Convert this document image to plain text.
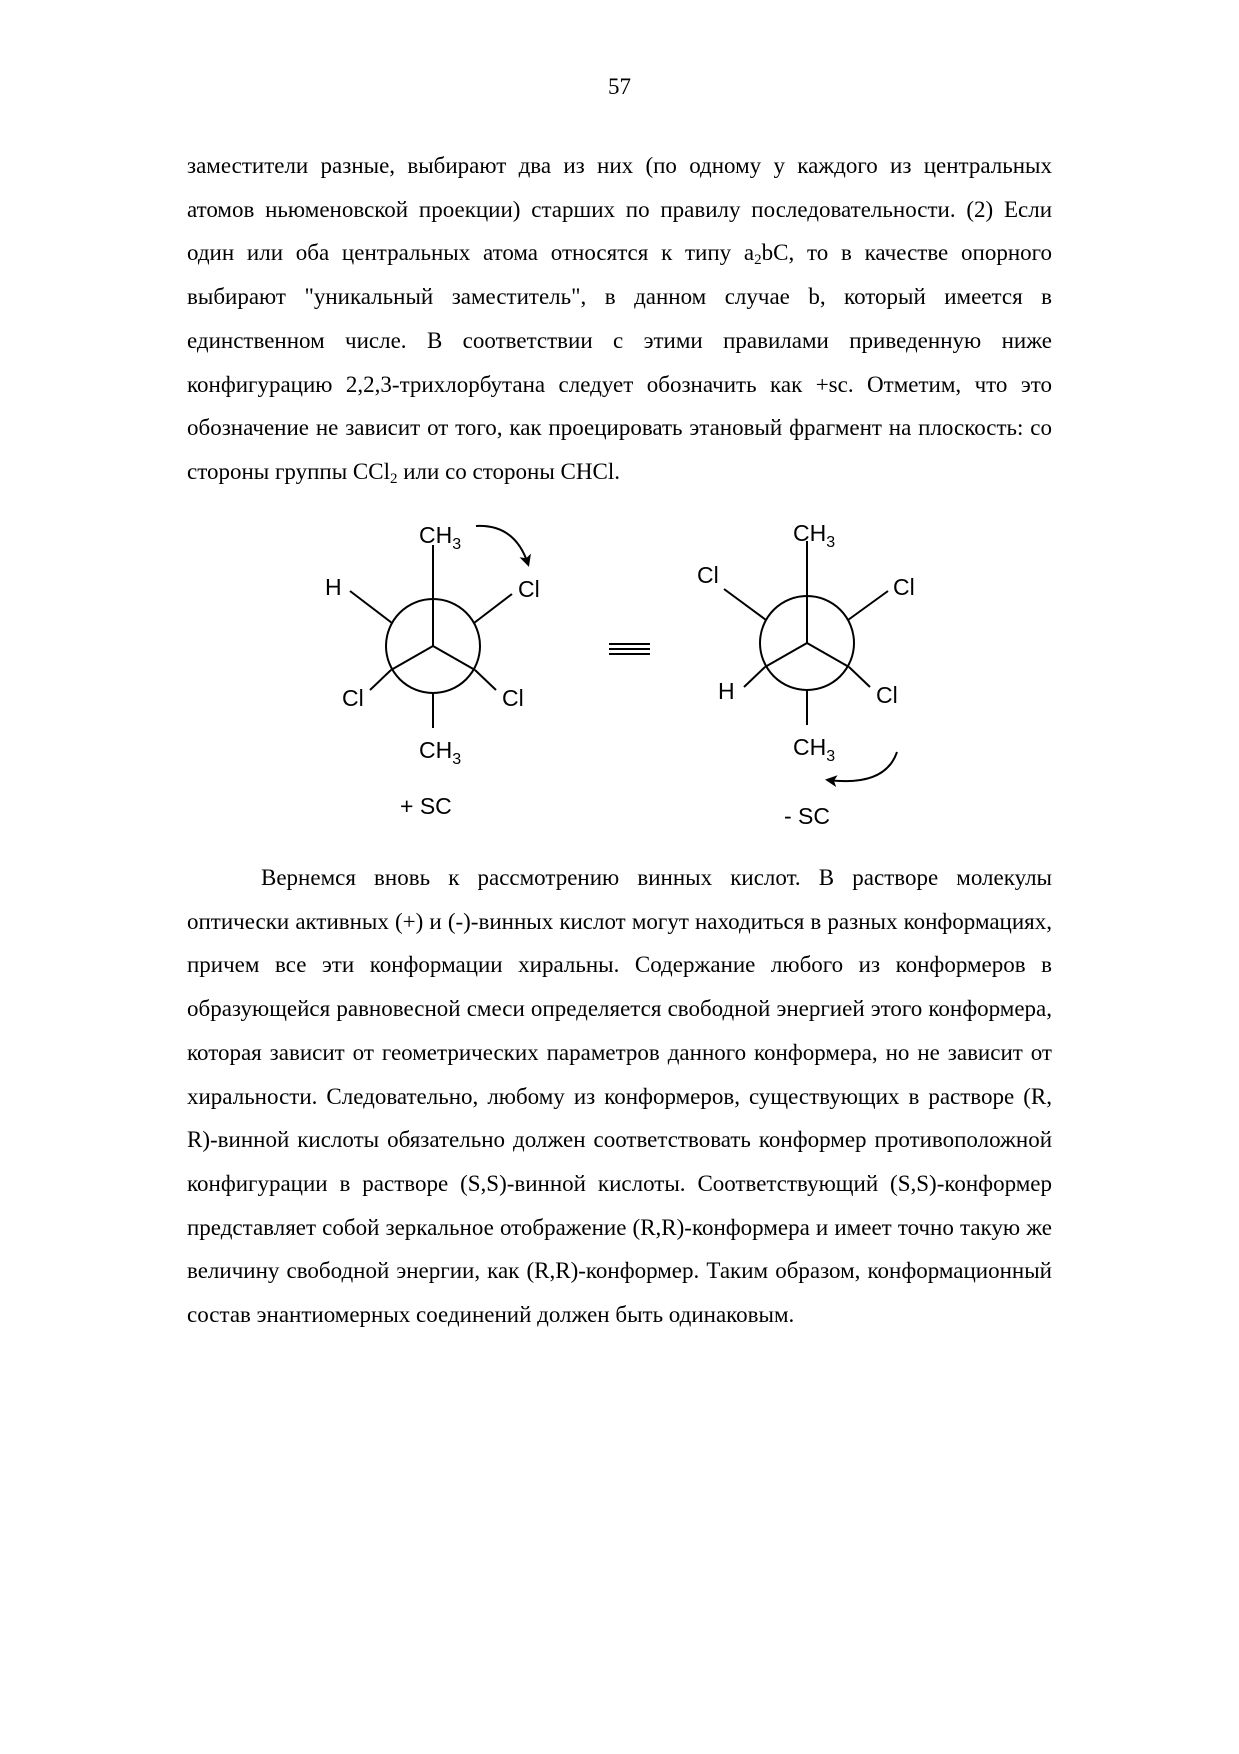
57

заместители разные, выбирают два из них (по одному у каждого из центральных атомов ньюменовской проекции) старших по правилу последовательности. (2) Если один или оба центральных атома относятся к типу $a_2bC$, то в качестве опорного выбирают "уникальный заместитель", в данном случае b, который имеется в единственном числе. В соответствии с этими правилами приведенную ниже конфигурацию 2,2,3-трихлорбутана следует обозначить как +sc. Отметим, что это обозначение не зависит от того, как проецировать этановый фрагмент на плоскость: со стороны группы CCl$_2$ или со стороны CHCl.

$CH_3$
H	Cl
Cl	Cl
$CH_3$
+ SC
$CH_3$
Cl	Cl
H	Cl
$CH_3$
- SC

Вернемся вновь к рассмотрению винных кислот. В растворе молекулы оптически активных (+) и (-)-винных кислот могут находиться в разных конформациях, причем все эти конформации хиральны. Содержание любого из конформеров в образующейся равновесной смеси определяется свободной энергией этого конформера, которая зависит от геометрических параметров данного конформера, но не зависит от хиральности. Следовательно, любому из конформеров, существующих в растворе (R, R)-винной кислоты обязательно должен соответствовать конформер противоположной конфигурации в растворе (S,S)-винной кислоты. Соответствующий (S,S)-конформер представляет собой зеркальное отображение (R,R)-конформера и имеет точно такую же величину свободной энергии, как (R,R)-конформер. Таким образом, конформационный состав энантиомерных соединений должен быть одинаковым.
